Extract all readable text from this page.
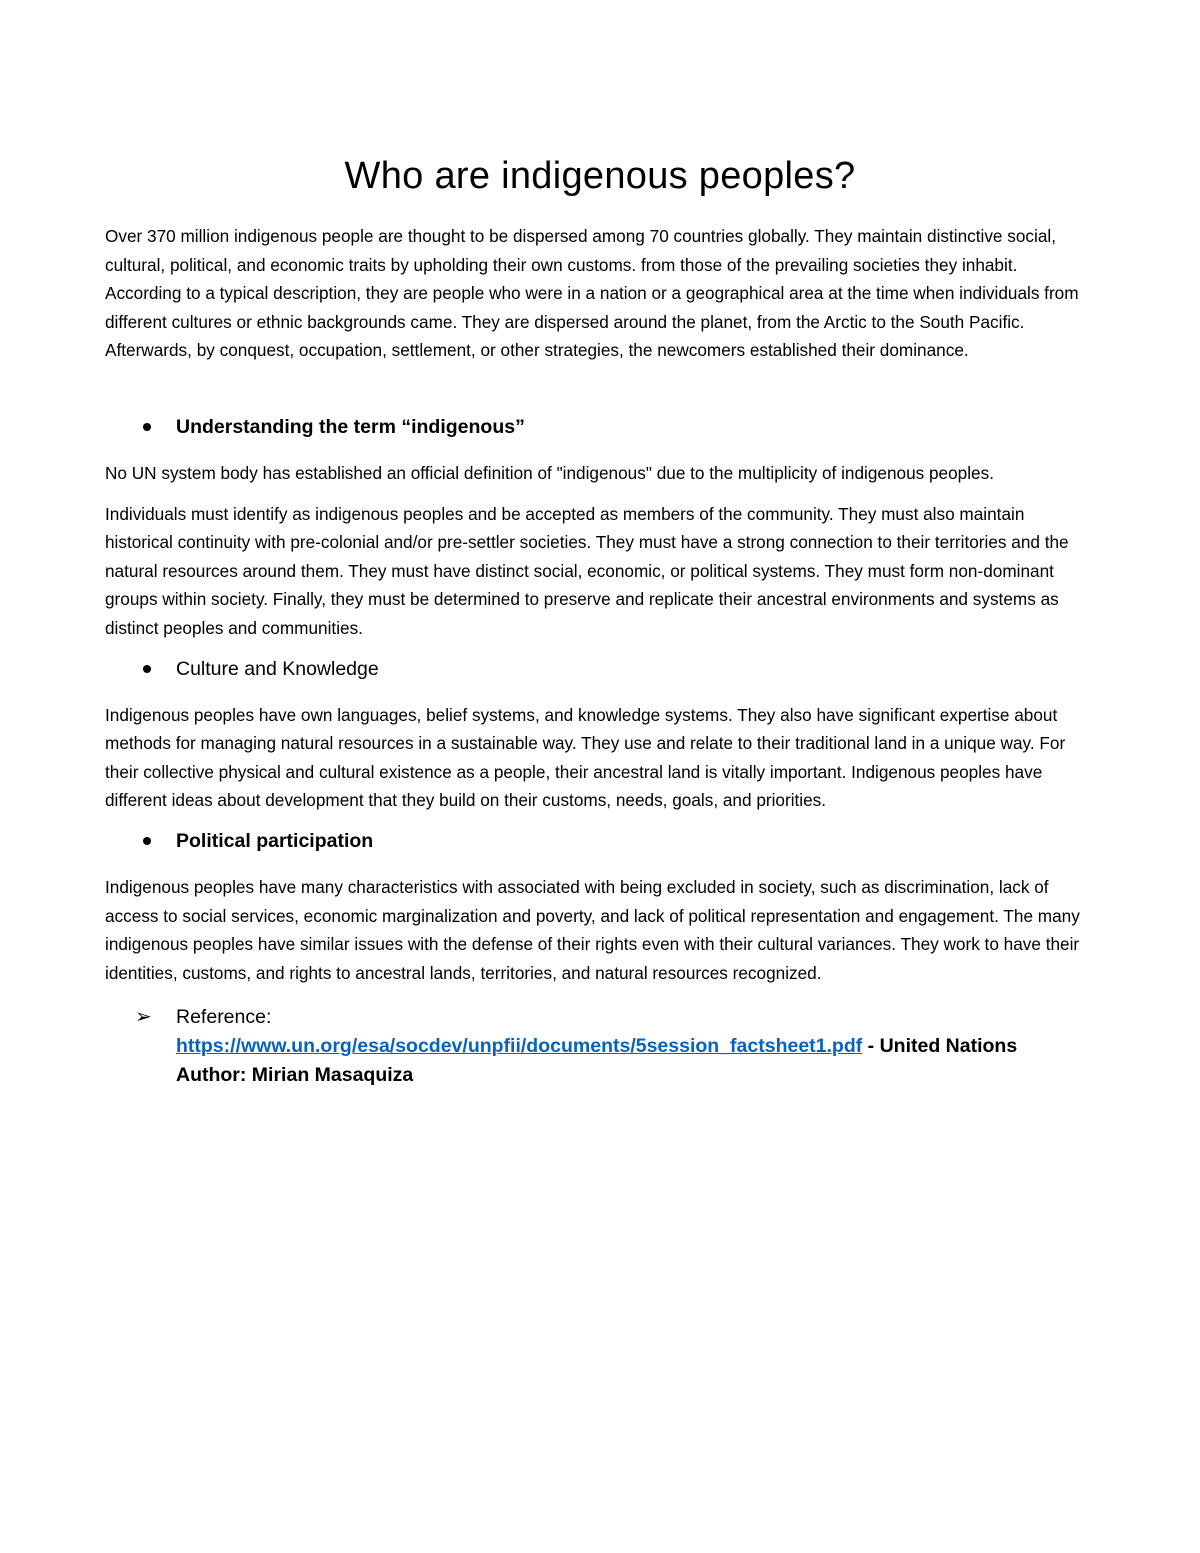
Who are indigenous peoples?

Over 370 million indigenous people are thought to be dispersed among 70 countries globally. They maintain distinctive social, cultural, political, and economic traits by upholding their own customs. from those of the prevailing societies they inhabit. According to a typical description, they are people who were in a nation or a geographical area at the time when individuals from different cultures or ethnic backgrounds came. They are dispersed around the planet, from the Arctic to the South Pacific. Afterwards, by conquest, occupation, settlement, or other strategies, the newcomers established their dominance.

Understanding the term “indigenous”

No UN system body has established an official definition of "indigenous" due to the multiplicity of indigenous peoples.

Individuals must identify as indigenous peoples and be accepted as members of the community. They must also maintain historical continuity with pre-colonial and/or pre-settler societies. They must have a strong connection to their territories and the natural resources around them. They must have distinct social, economic, or political systems. They must form non-dominant groups within society. Finally, they must be determined to preserve and replicate their ancestral environments and systems as distinct peoples and communities.

Culture and Knowledge

Indigenous peoples have own languages, belief systems, and knowledge systems. They also have significant expertise about methods for managing natural resources in a sustainable way. They use and relate to their traditional land in a unique way. For their collective physical and cultural existence as a people, their ancestral land is vitally important. Indigenous peoples have different ideas about development that they build on their customs, needs, goals, and priorities.

Political participation

Indigenous peoples have many characteristics with associated with being excluded in society, such as discrimination, lack of access to social services, economic marginalization and poverty, and lack of political representation and engagement. The many indigenous peoples have similar issues with the defense of their rights even with their cultural variances. They work to have their identities, customs, and rights to ancestral lands, territories, and natural resources recognized.

➢ Reference:
https://www.un.org/esa/socdev/unpfii/documents/5session_factsheet1.pdf - United Nations
Author: Mirian Masaquiza
